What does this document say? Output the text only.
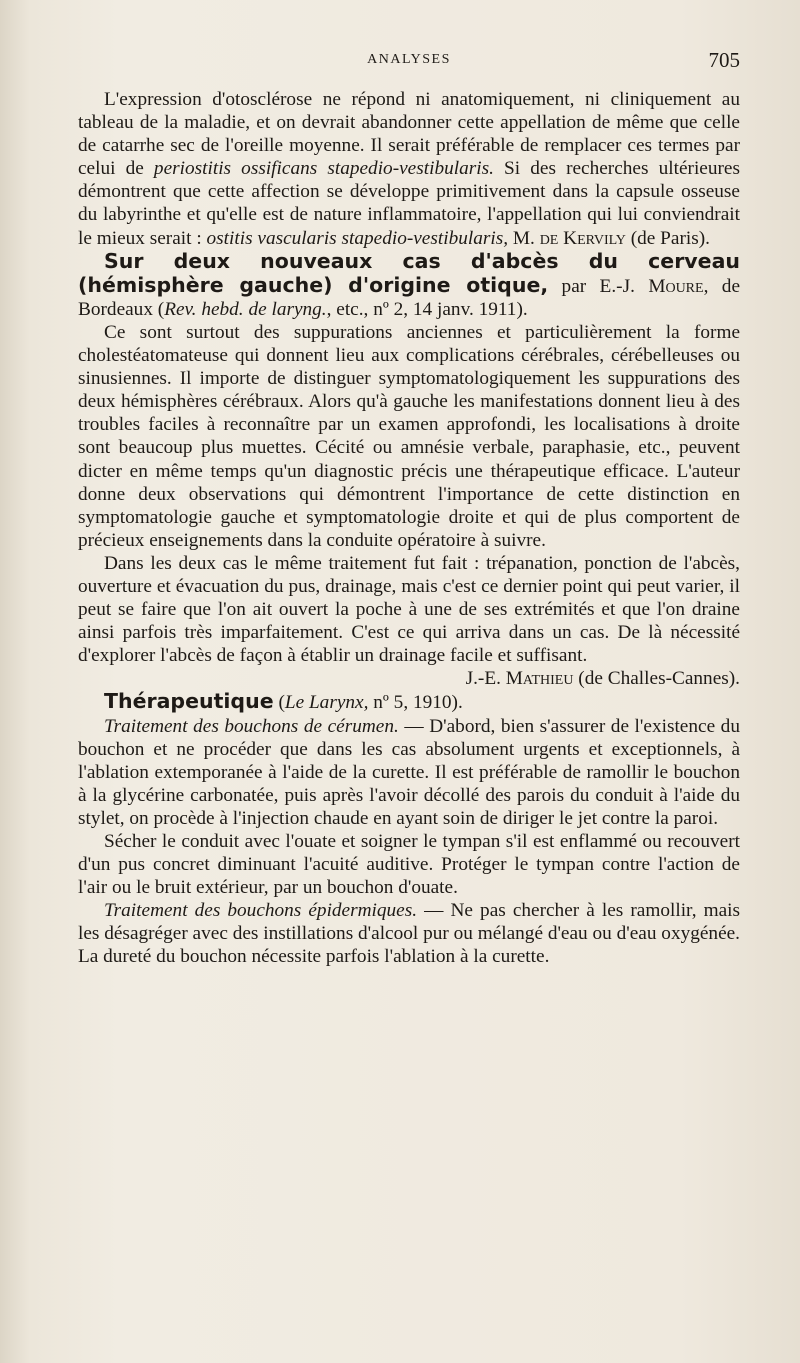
ANALYSES	705

L'expression d'otosclérose ne répond ni anatomiquement, ni cliniquement au tableau de la maladie, et on devrait abandonner cette appellation de même que celle de catarrhe sec de l'oreille moyenne. Il serait préférable de remplacer ces termes par celui de periostitis ossificans stapedio-vestibularis. Si des recherches ultérieures démontrent que cette affection se développe primitivement dans la capsule osseuse du labyrinthe et qu'elle est de nature inflammatoire, l'appellation qui lui conviendrait le mieux serait : ostitis vascularis stapedio-vestibularis, M. de Kervily (de Paris).

Sur deux nouveaux cas d'abcès du cerveau (hémisphère gauche) d'origine otique, par E.-J. Moure, de Bordeaux (Rev. hebd. de laryng., etc., nº 2, 14 janv. 1911).

Ce sont surtout des suppurations anciennes et particulièrement la forme cholestéatomateuse qui donnent lieu aux complications cérébrales, cérébelleuses ou sinusiennes. Il importe de distinguer symptomatologiquement les suppurations des deux hémisphères cérébraux. Alors qu'à gauche les manifestations donnent lieu à des troubles faciles à reconnaître par un examen approfondi, les localisations à droite sont beaucoup plus muettes. Cécité ou amnésie verbale, paraphasie, etc., peuvent dicter en même temps qu'un diagnostic précis une thérapeutique efficace. L'auteur donne deux observations qui démontrent l'importance de cette distinction en symptomatologie gauche et symptomatologie droite et qui de plus comportent de précieux enseignements dans la conduite opératoire à suivre.

Dans les deux cas le même traitement fut fait : trépanation, ponction de l'abcès, ouverture et évacuation du pus, drainage, mais c'est ce dernier point qui peut varier, il peut se faire que l'on ait ouvert la poche à une de ses extrémités et que l'on draine ainsi parfois très imparfaitement. C'est ce qui arriva dans un cas. De là nécessité d'explorer l'abcès de façon à établir un drainage facile et suffisant.

J.-E. Mathieu (de Challes-Cannes).

Thérapeutique (Le Larynx, nº 5, 1910).

Traitement des bouchons de cérumen. — D'abord, bien s'assurer de l'existence du bouchon et ne procéder que dans les cas absolument urgents et exceptionnels, à l'ablation extemporanée à l'aide de la curette. Il est préférable de ramollir le bouchon à la glycérine carbonatée, puis après l'avoir décollé des parois du conduit à l'aide du stylet, on procède à l'injection chaude en ayant soin de diriger le jet contre la paroi.

Sécher le conduit avec l'ouate et soigner le tympan s'il est enflammé ou recouvert d'un pus concret diminuant l'acuité auditive. Protéger le tympan contre l'action de l'air ou le bruit extérieur, par un bouchon d'ouate.

Traitement des bouchons épidermiques. — Ne pas chercher à les ramollir, mais les désagréger avec des instillations d'alcool pur ou mélangé d'eau ou d'eau oxygénée. La dureté du bouchon nécessite parfois l'ablation à la curette.
